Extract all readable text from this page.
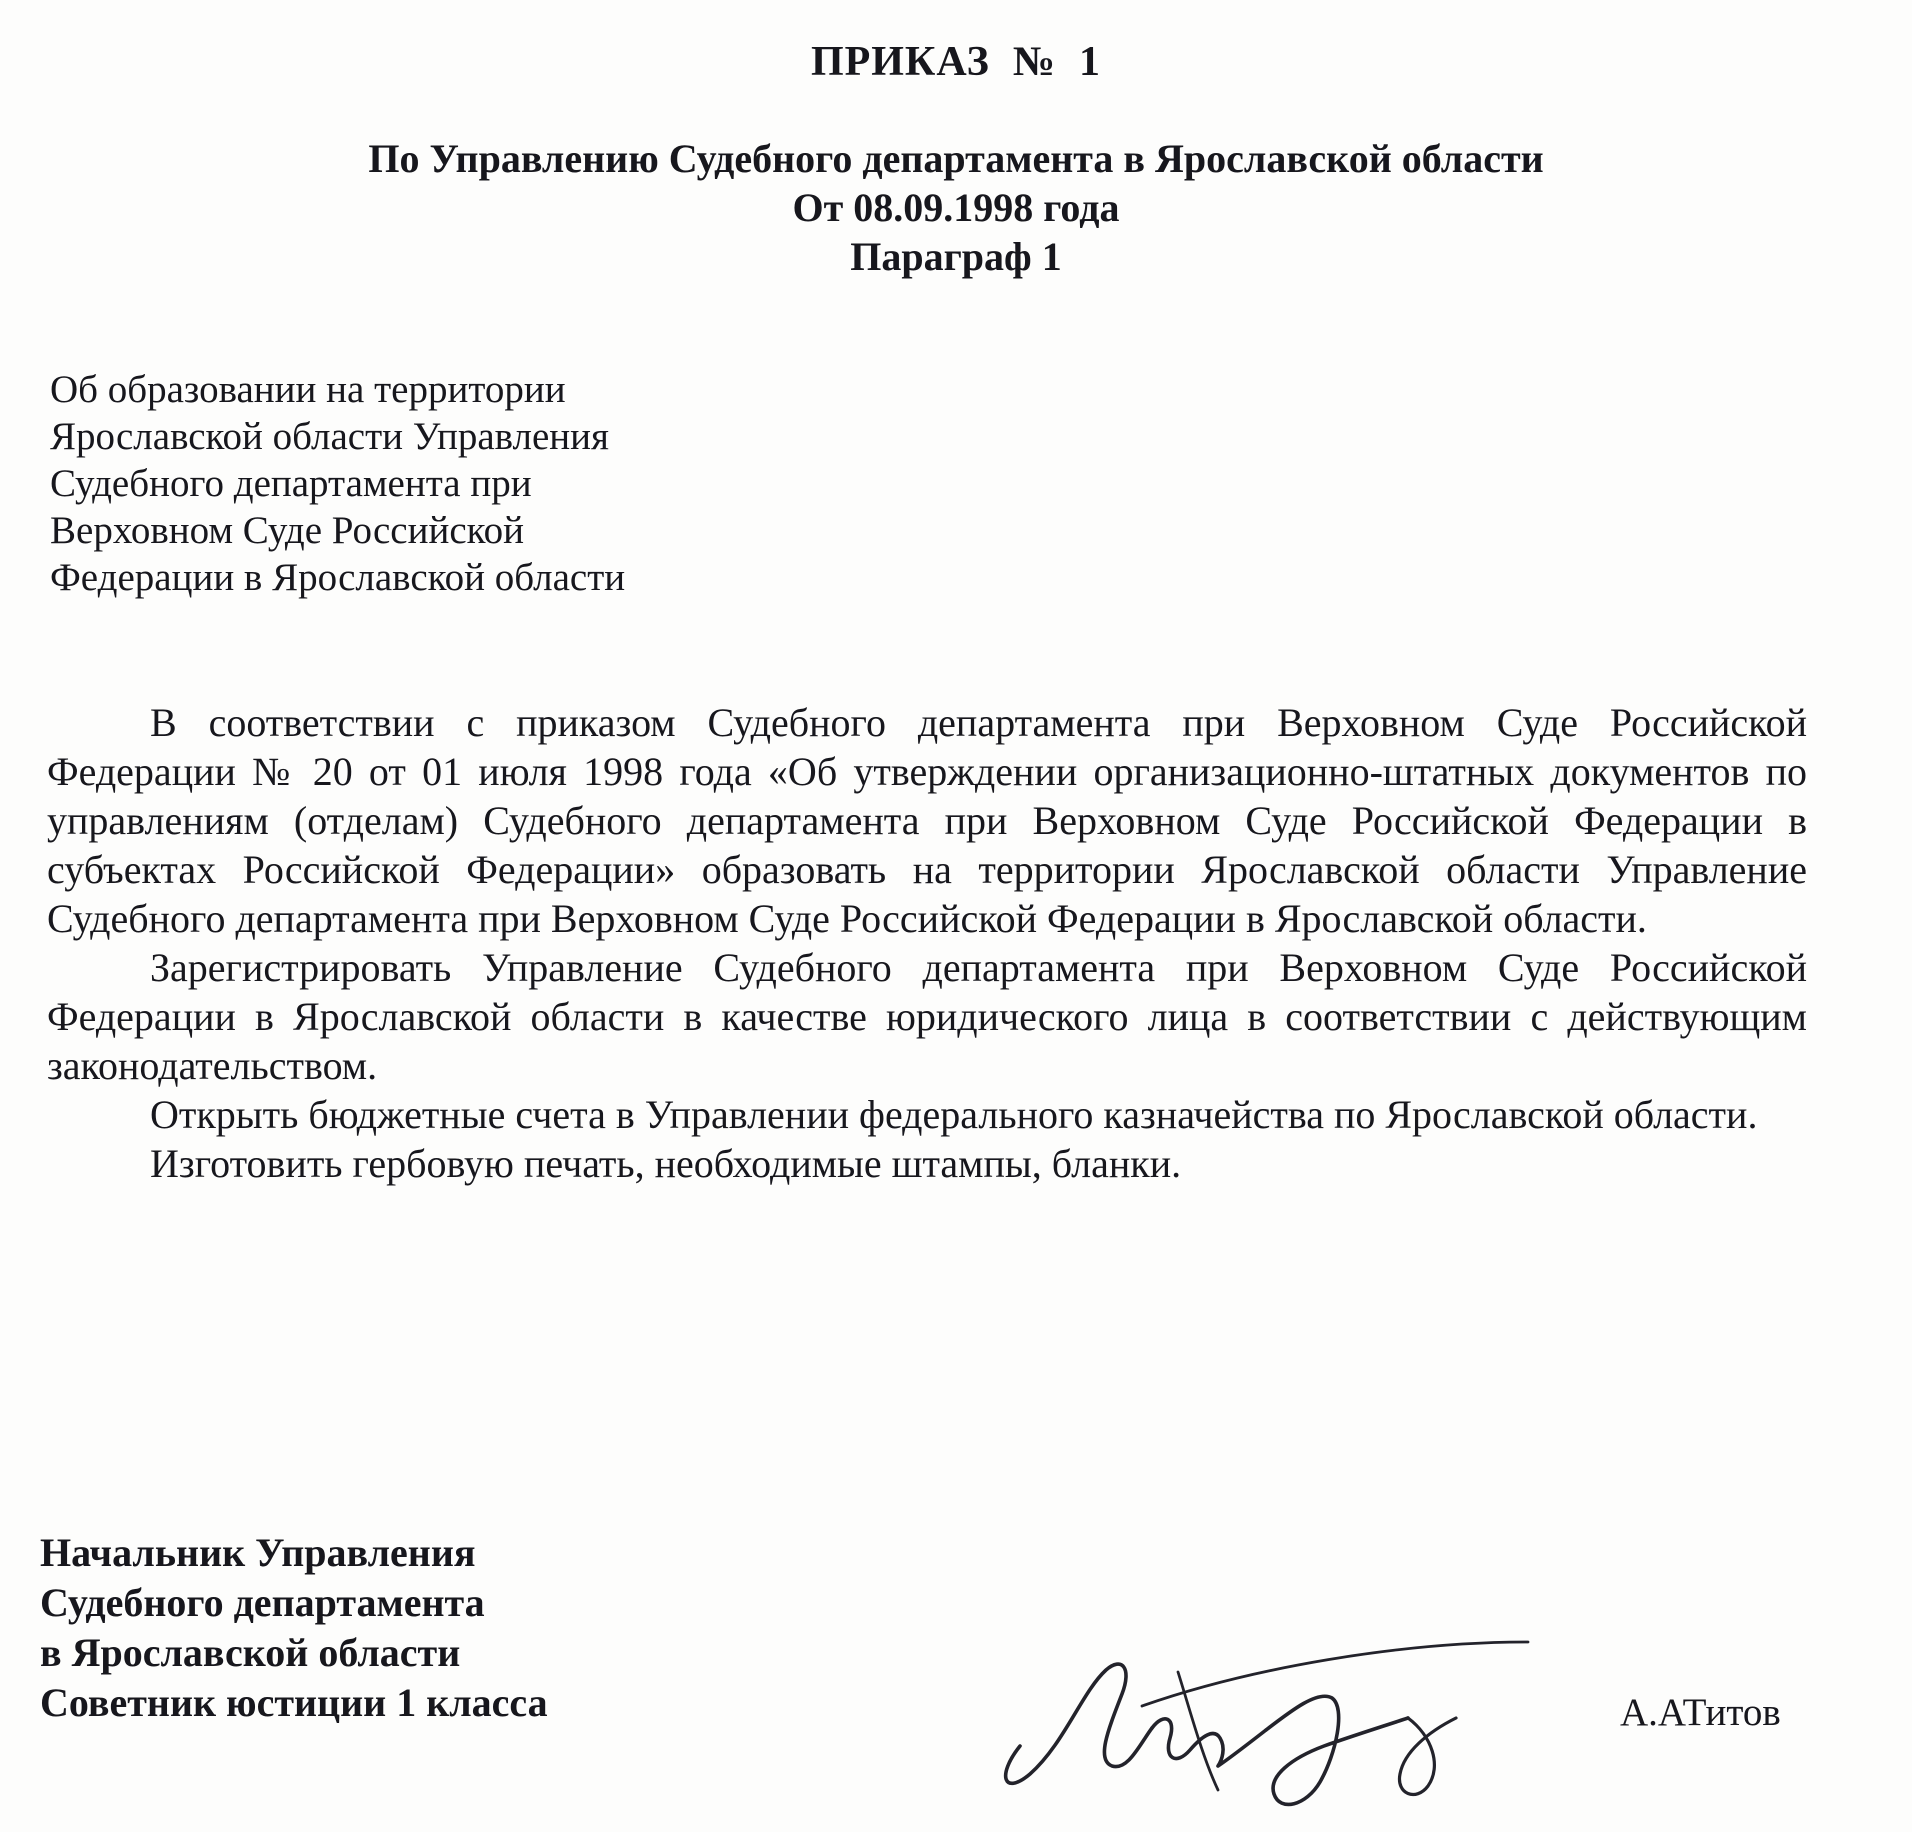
ПРИКАЗ  №  1
По Управлению Судебного департамента в Ярославской области
От 08.09.1998 года
Параграф 1
Об образовании на территории
Ярославской области Управления
Судебного департамента при
Верховном Суде Российской
Федерации в Ярославской области

В соответствии с приказом Судебного департамента при Верховном Суде Российской Федерации № 20 от 01 июля 1998 года «Об утверждении организационно-штатных документов по управлениям (отделам) Судебного департамента при Верховном Суде Российской Федерации в субъектах Российской Федерации» образовать на территории Ярославской области Управление Судебного департамента при Верховном Суде Российской Федерации в Ярославской области.

Зарегистрировать Управление Судебного департамента при Верховном Суде Российской Федерации в Ярославской области в качестве юридического лица в соответствии с действующим законодательством.

Открыть бюджетные счета в Управлении федерального казначейства по Ярославской области.

Изготовить гербовую печать, необходимые штампы, бланки.

Начальник Управления
Судебного департамента
в Ярославской области
Советник юстиции 1 класса	А.АТитов
